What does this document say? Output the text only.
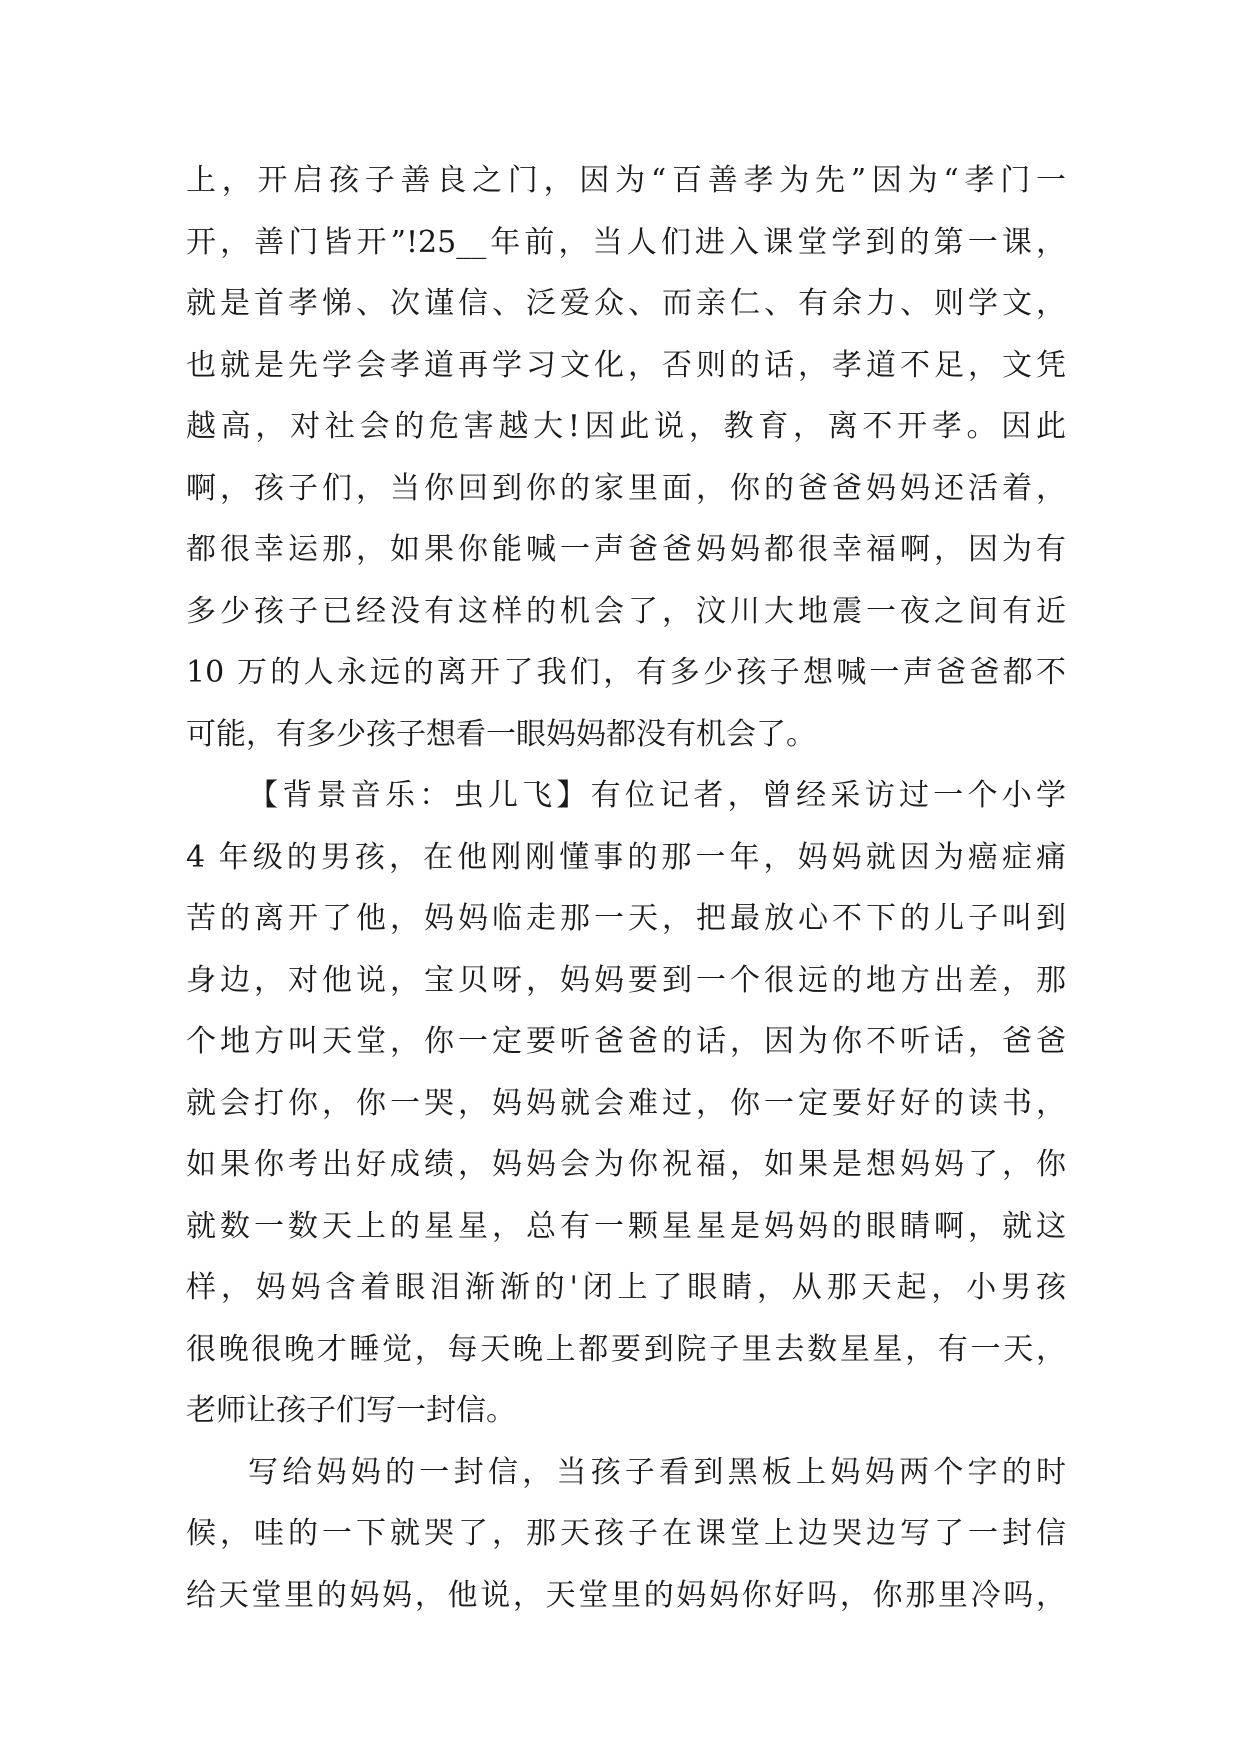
上，开启孩子善良之门，因为“百善孝为先”因为“孝门一
开，善门皆开”!25__年前，当人们进入课堂学到的第一课，
就是首孝悌、次谨信、泛爱众、而亲仁、有余力、则学文，
也就是先学会孝道再学习文化，否则的话，孝道不足，文凭
越高，对社会的危害越大!因此说，教育，离不开孝。因此
啊，孩子们，当你回到你的家里面，你的爸爸妈妈还活着，
都很幸运那，如果你能喊一声爸爸妈妈都很幸福啊，因为有
多少孩子已经没有这样的机会了，汶川大地震一夜之间有近
10 万的人永远的离开了我们，有多少孩子想喊一声爸爸都不
可能，有多少孩子想看一眼妈妈都没有机会了。
【背景音乐：虫儿飞】有位记者，曾经采访过一个小学
4 年级的男孩，在他刚刚懂事的那一年，妈妈就因为癌症痛
苦的离开了他，妈妈临走那一天，把最放心不下的儿子叫到
身边，对他说，宝贝呀，妈妈要到一个很远的地方出差，那
个地方叫天堂，你一定要听爸爸的话，因为你不听话，爸爸
就会打你，你一哭，妈妈就会难过，你一定要好好的读书，
如果你考出好成绩，妈妈会为你祝福，如果是想妈妈了，你
就数一数天上的星星，总有一颗星星是妈妈的眼睛啊，就这
样，妈妈含着眼泪渐渐的'闭上了眼睛，从那天起，小男孩
很晚很晚才睡觉，每天晚上都要到院子里去数星星，有一天，
老师让孩子们写一封信。
写给妈妈的一封信，当孩子看到黑板上妈妈两个字的时
候，哇的一下就哭了，那天孩子在课堂上边哭边写了一封信
给天堂里的妈妈，他说，天堂里的妈妈你好吗，你那里冷吗，
